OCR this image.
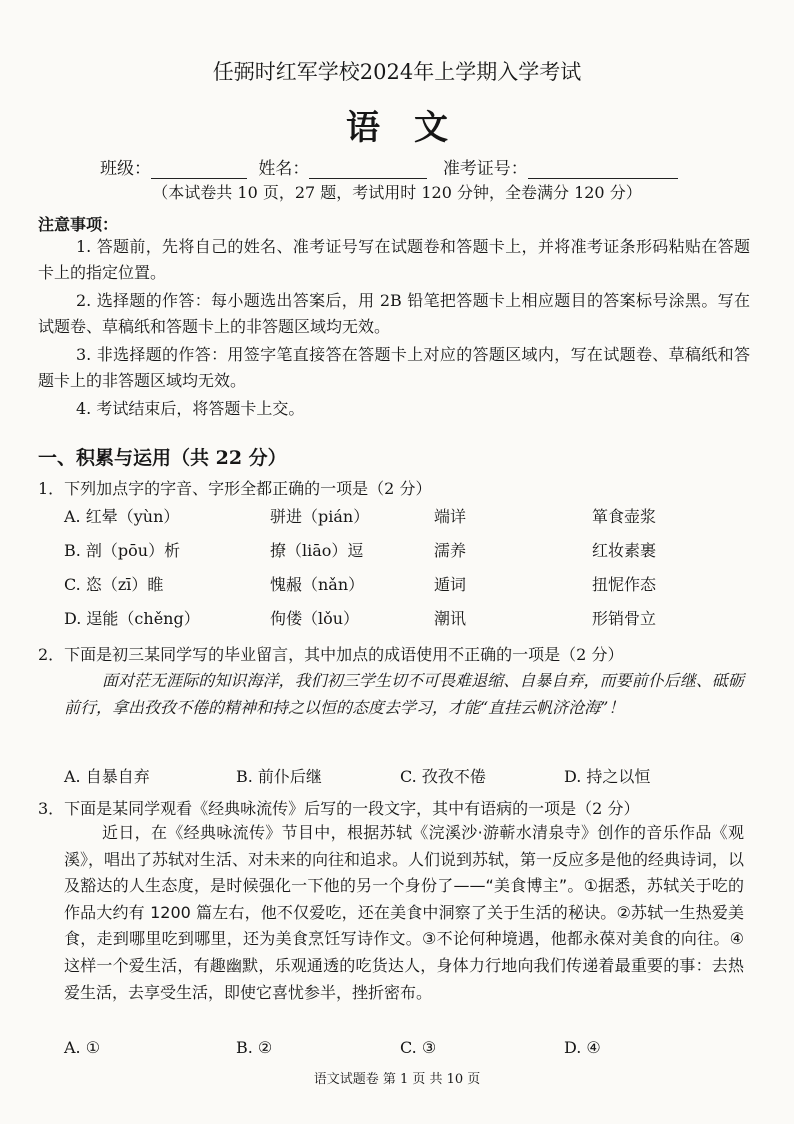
任弼时红军学校2024年上学期入学考试
语文
班级：	姓名：	准考证号：
（本试卷共 10 页，27 题，考试用时 120 分钟，全卷满分 120 分）
注意事项：
1. 答题前，先将自己的姓名、准考证号写在试题卷和答题卡上，并将准考证条形码粘贴在答题卡上的指定位置。
2. 选择题的作答：每小题选出答案后，用 2B 铅笔把答题卡上相应题目的答案标号涂黑。写在试题卷、草稿纸和答题卡上的非答题区域均无效。
3. 非选择题的作答：用签字笔直接答在答题卡上对应的答题区域内，写在试题卷、草稿纸和答题卡上的非答题区域均无效。
4. 考试结束后，将答题卡上交。
一、积累与运用（共 22 分）
1．下列加点字的字音、字形全都正确的一项是（2 分）
A. 红晕（yùn）	骈进（pián）	端详	箪食壶浆
B. 剖（pōu）析	撩（liāo）逗	濡养	红妆素裹
C. 恣（zī）睢	愧赧（nǎn）	遁词	扭怩作态
D. 逞能（chěng）	佝偻（lǒu）	潮讯	形销骨立
2．下面是初三某同学写的毕业留言，其中加点的成语使用不正确的一项是（2 分）
面对茫无涯际的知识海洋，我们初三学生切不可畏难退缩、自暴自弃，而要前仆后继、砥砺前行，拿出孜孜不倦的精神和持之以恒的态度去学习，才能“直挂云帆济沧海”！
A. 自暴自弃	B. 前仆后继	C. 孜孜不倦	D. 持之以恒
3．下面是某同学观看《经典咏流传》后写的一段文字，其中有语病的一项是（2 分）
近日，在《经典咏流传》节目中，根据苏轼《浣溪沙·游蕲水清泉寺》创作的音乐作品《观溪》，唱出了苏轼对生活、对未来的向往和追求。人们说到苏轼，第一反应多是他的经典诗词，以及豁达的人生态度，是时候强化一下他的另一个身份了——“美食博主”。①据悉，苏轼关于吃的作品大约有 1200 篇左右，他不仅爱吃，还在美食中洞察了关于生活的秘诀。②苏轼一生热爱美食，走到哪里吃到哪里，还为美食烹饪写诗作文。③不论何种境遇，他都永葆对美食的向往。④这样一个爱生活，有趣幽默，乐观通透的吃货达人，身体力行地向我们传递着最重要的事：去热爱生活，去享受生活，即使它喜忧参半，挫折密布。
A. ①	B. ②	C. ③	D. ④
语文试题卷 第 1 页 共 10 页
